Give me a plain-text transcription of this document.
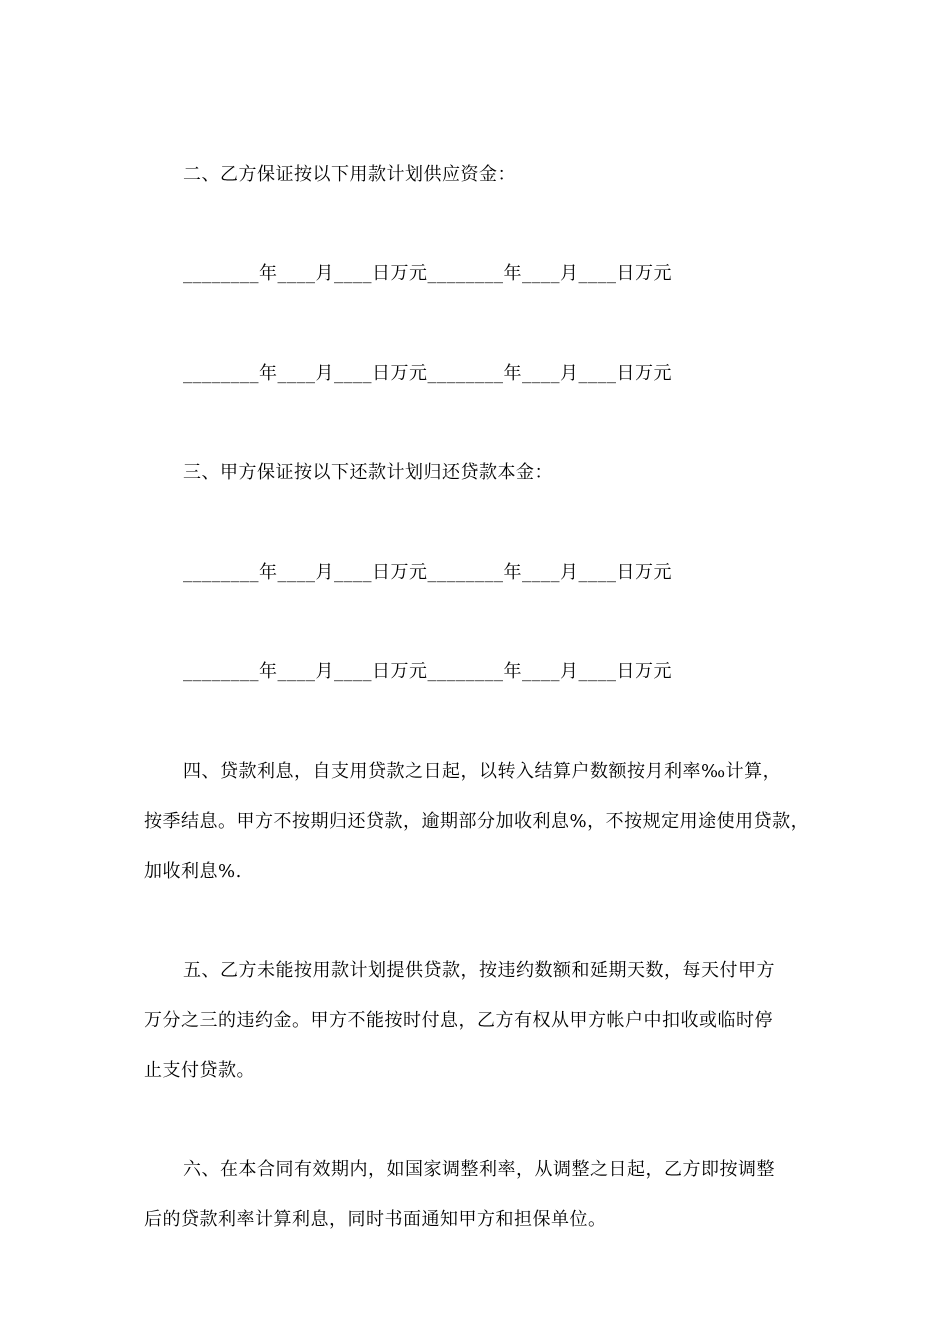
二、乙方保证按以下用款计划供应资金：
________年____月____日万元________年____月____日万元
________年____月____日万元________年____月____日万元
三、甲方保证按以下还款计划归还贷款本金：
________年____月____日万元________年____月____日万元
________年____月____日万元________年____月____日万元
四、贷款利息，自支用贷款之日起，以转入结算户数额按月利率‰计算，
按季结息。甲方不按期归还贷款，逾期部分加收利息%，不按规定用途使用贷款，
加收利息%.
五、乙方未能按用款计划提供贷款，按违约数额和延期天数，每天付甲方
万分之三的违约金。甲方不能按时付息，乙方有权从甲方帐户中扣收或临时停
止支付贷款。
六、在本合同有效期内，如国家调整利率，从调整之日起，乙方即按调整
后的贷款利率计算利息，同时书面通知甲方和担保单位。
